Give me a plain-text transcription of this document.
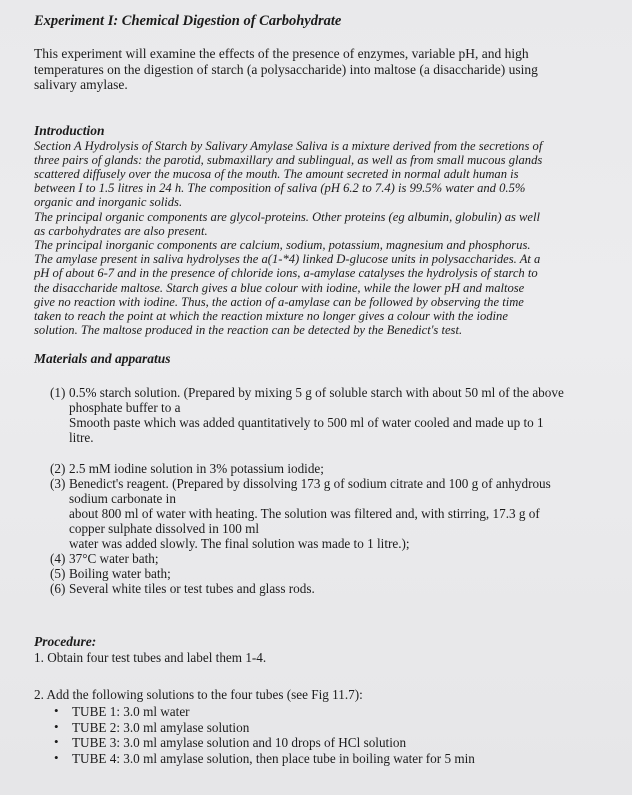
Experiment I: Chemical Digestion of Carbohydrate

This experiment will examine the effects of the presence of enzymes, variable pH, and high temperatures on the digestion of starch (a polysaccharide) into maltose (a disaccharide) using salivary amylase.

Introduction
Section A Hydrolysis of Starch by Salivary Amylase Saliva is a mixture derived from the secretions of
three pairs of glands: the parotid, submaxillary and sublingual, as well as from small mucous glands
scattered diffusely over the mucosa of the mouth. The amount secreted in normal adult human is
between I to 1.5 litres in 24 h. The composition of saliva (pH 6.2 to 7.4) is 99.5% water and 0.5%
organic and inorganic solids.
The principal organic components are glycol-proteins. Other proteins (eg albumin, globulin) as well
as carbohydrates are also present.
The principal inorganic components are calcium, sodium, potassium, magnesium and phosphorus.
The amylase present in saliva hydrolyses the a(1-*4) linked D-glucose units in polysaccharides. At a
pH of about 6-7 and in the presence of chloride ions, a-amylase catalyses the hydrolysis of starch to
the disaccharide maltose. Starch gives a blue colour with iodine, while the lower pH and maltose
give no reaction with iodine. Thus, the action of a-amylase can be followed by observing the time
taken to reach the point at which the reaction mixture no longer gives a colour with the iodine
solution. The maltose produced in the reaction can be detected by the Benedict's test.
Materials and apparatus
(1) 0.5% starch solution. (Prepared by mixing 5 g of soluble starch with about 50 ml of the above
phosphate buffer to a
Smooth paste which was added quantitatively to 500 ml of water cooled and made up to 1
litre.
(2) 2.5 mM iodine solution in 3% potassium iodide;
(3) Benedict's reagent. (Prepared by dissolving 173 g of sodium citrate and 100 g of anhydrous
sodium carbonate in
about 800 ml of water with heating. The solution was filtered and, with stirring, 17.3 g of
copper sulphate dissolved in 100 ml
water was added slowly. The final solution was made to 1 litre.);
(4) 37°C water bath;
(5) Boiling water bath;
(6) Several white tiles or test tubes and glass rods.
Procedure:

1. Obtain four test tubes and label them 1-4.

2. Add the following solutions to the four tubes (see Fig 11.7):

• TUBE 1: 3.0 ml water
• TUBE 2: 3.0 ml amylase solution
• TUBE 3: 3.0 ml amylase solution and 10 drops of HCl solution
• TUBE 4: 3.0 ml amylase solution, then place tube in boiling water for 5 min
